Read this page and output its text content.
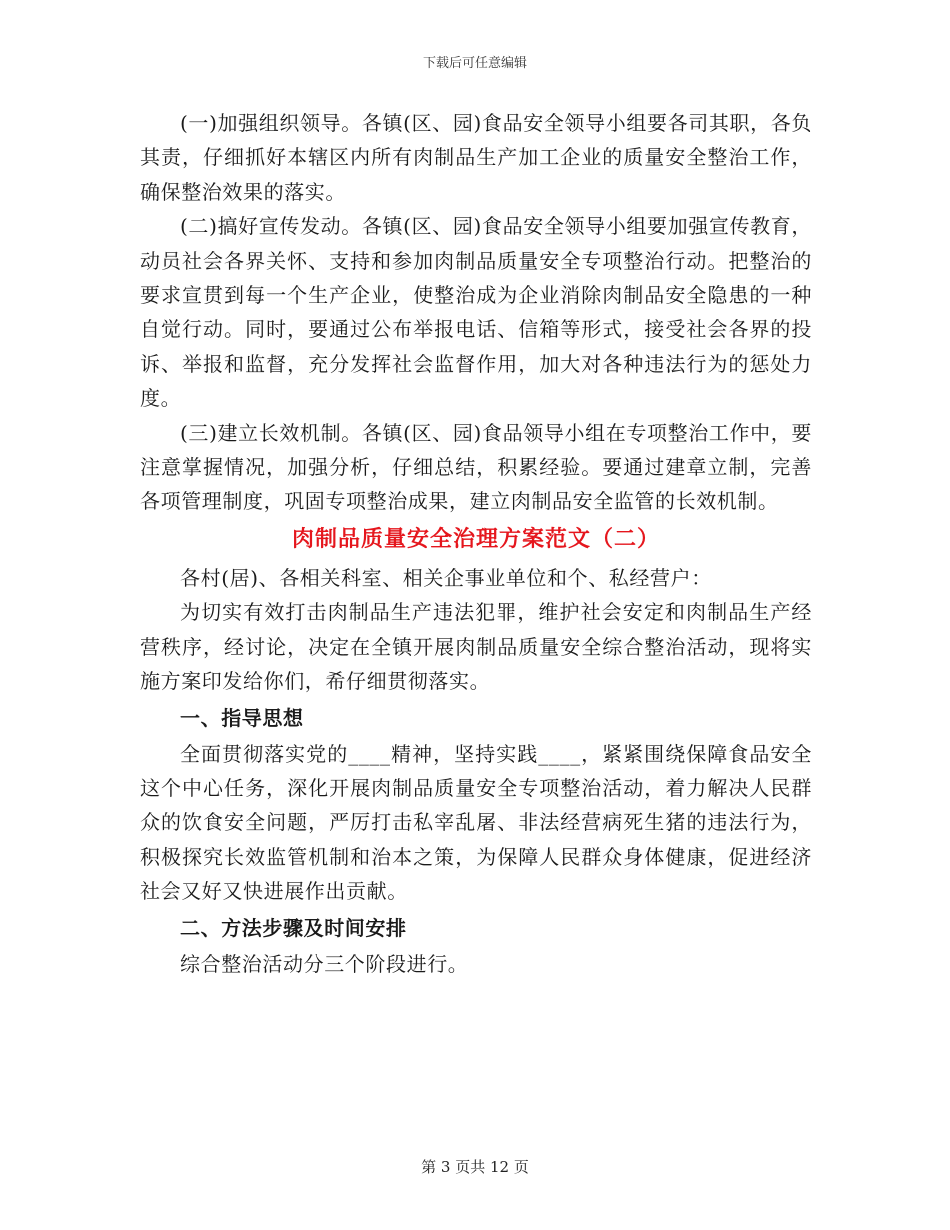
下载后可任意编辑

(一)加强组织领导。各镇(区、园)食品安全领导小组要各司其职，各负其责，仔细抓好本辖区内所有肉制品生产加工企业的质量安全整治工作，确保整治效果的落实。

(二)搞好宣传发动。各镇(区、园)食品安全领导小组要加强宣传教育，动员社会各界关怀、支持和参加肉制品质量安全专项整治行动。把整治的要求宣贯到每一个生产企业，使整治成为企业消除肉制品安全隐患的一种自觉行动。同时，要通过公布举报电话、信箱等形式，接受社会各界的投诉、举报和监督，充分发挥社会监督作用，加大对各种违法行为的惩处力度。

(三)建立长效机制。各镇(区、园)食品领导小组在专项整治工作中，要注意掌握情况，加强分析，仔细总结，积累经验。要通过建章立制，完善各项管理制度，巩固专项整治成果，建立肉制品安全监管的长效机制。

肉制品质量安全治理方案范文（二）

各村(居)、各相关科室、相关企事业单位和个、私经营户：

为切实有效打击肉制品生产违法犯罪，维护社会安定和肉制品生产经营秩序，经讨论，决定在全镇开展肉制品质量安全综合整治活动，现将实施方案印发给你们，希仔细贯彻落实。

一、指导思想

全面贯彻落实党的____精神，坚持实践____，紧紧围绕保障食品安全这个中心任务，深化开展肉制品质量安全专项整治活动，着力解决人民群众的饮食安全问题，严厉打击私宰乱屠、非法经营病死生猪的违法行为，积极探究长效监管机制和治本之策，为保障人民群众身体健康，促进经济社会又好又快进展作出贡献。

二、方法步骤及时间安排

综合整治活动分三个阶段进行。

第 3 页共 12 页
